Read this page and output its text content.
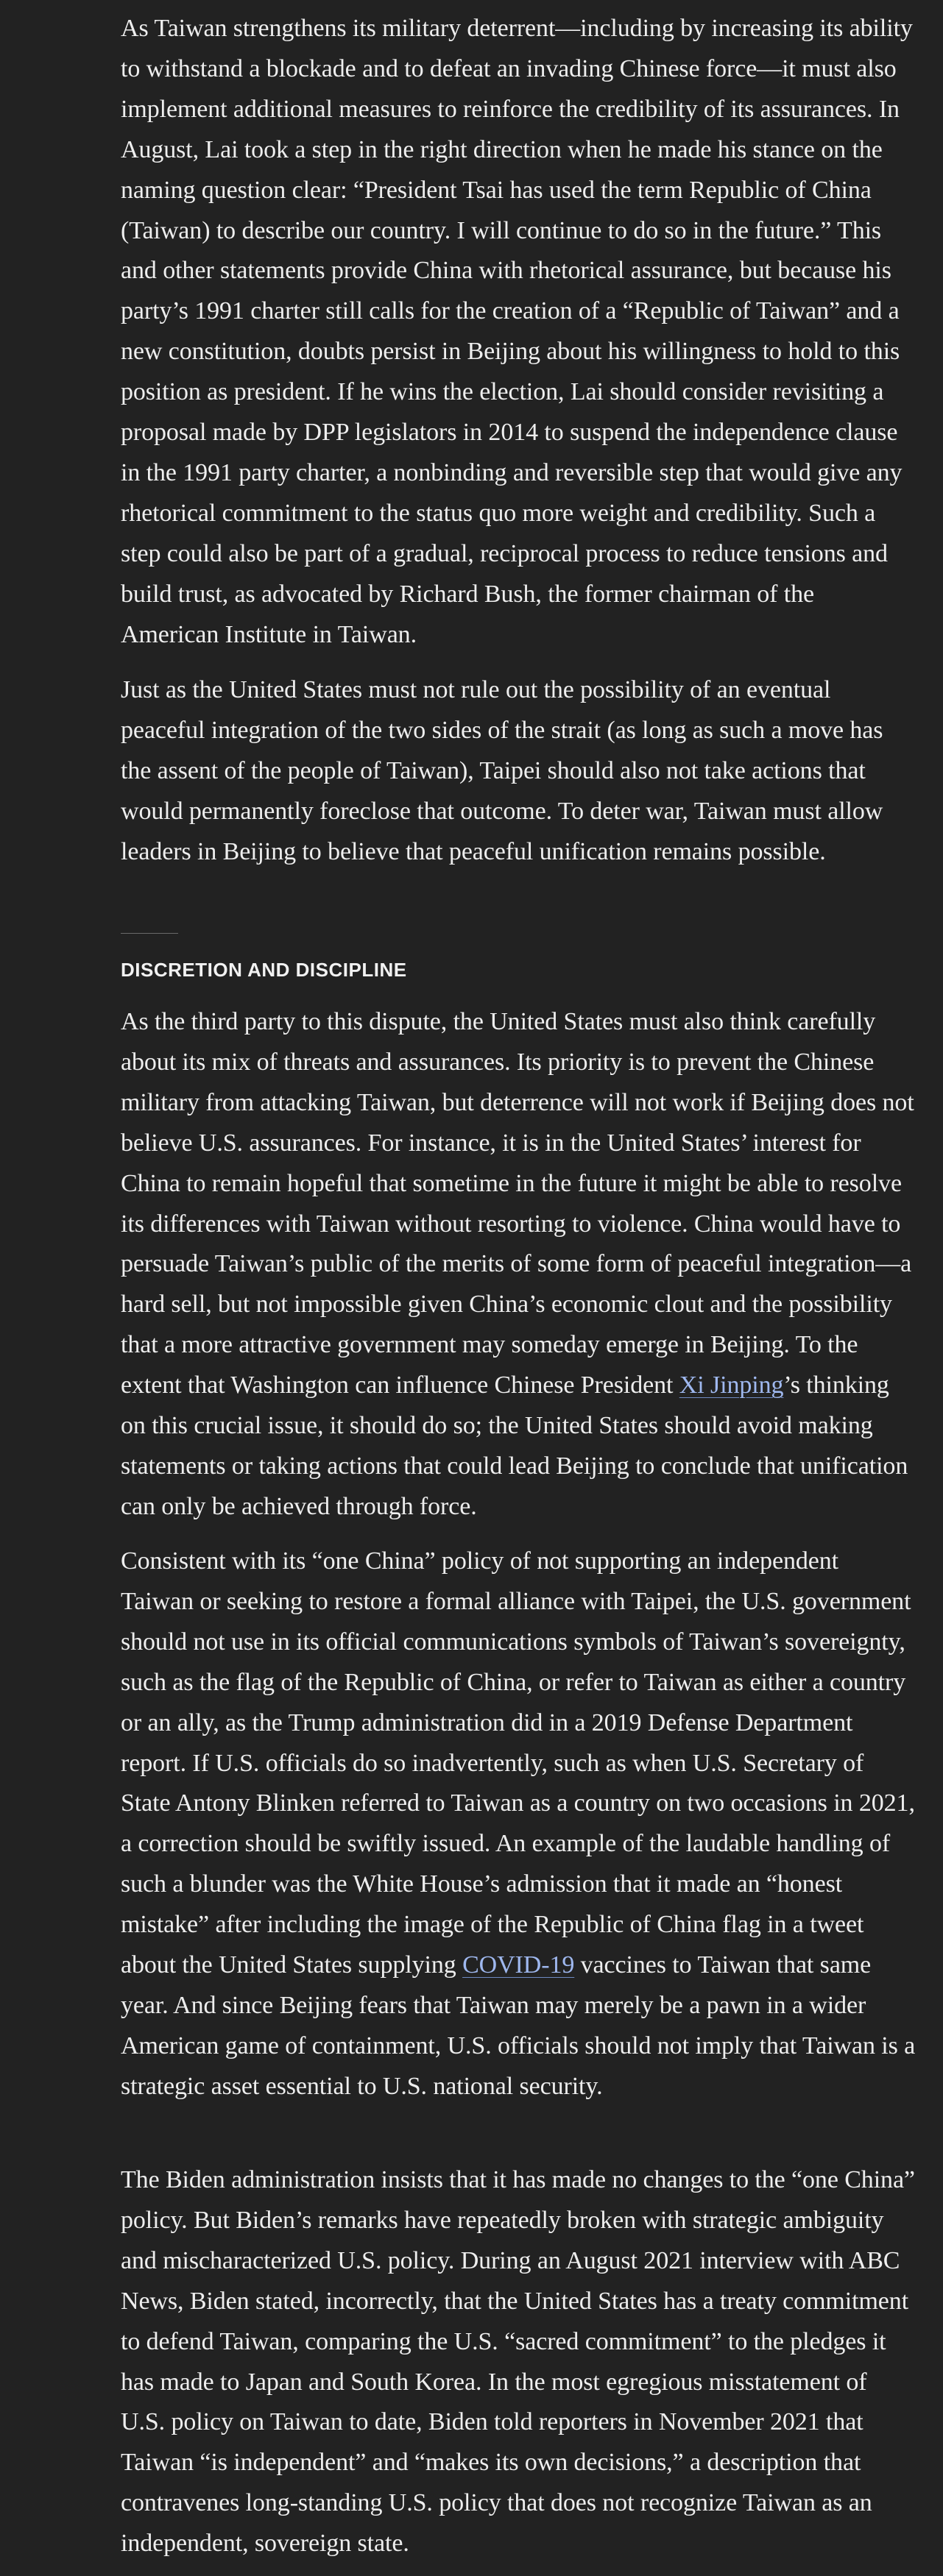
As Taiwan strengthens its military deterrent—including by increasing its ability to withstand a blockade and to defeat an invading Chinese force—it must also implement additional measures to reinforce the credibility of its assurances. In August, Lai took a step in the right direction when he made his stance on the naming question clear: “President Tsai has used the term Republic of China (Taiwan) to describe our country. I will continue to do so in the future.” This and other statements provide China with rhetorical assurance, but because his party’s 1991 charter still calls for the creation of a “Republic of Taiwan” and a new constitution, doubts persist in Beijing about his willingness to hold to this position as president. If he wins the election, Lai should consider revisiting a proposal made by DPP legislators in 2014 to suspend the independence clause in the 1991 party charter, a nonbinding and reversible step that would give any rhetorical commitment to the status quo more weight and credibility. Such a step could also be part of a gradual, reciprocal process to reduce tensions and build trust, as advocated by Richard Bush, the former chairman of the American Institute in Taiwan.

Just as the United States must not rule out the possibility of an eventual peaceful integration of the two sides of the strait (as long as such a move has the assent of the people of Taiwan), Taipei should also not take actions that would permanently foreclose that outcome. To deter war, Taiwan must allow leaders in Beijing to believe that peaceful unification remains possible.

DISCRETION AND DISCIPLINE

As the third party to this dispute, the United States must also think carefully about its mix of threats and assurances. Its priority is to prevent the Chinese military from attacking Taiwan, but deterrence will not work if Beijing does not believe U.S. assurances. For instance, it is in the United States’ interest for China to remain hopeful that sometime in the future it might be able to resolve its differences with Taiwan without resorting to violence. China would have to persuade Taiwan’s public of the merits of some form of peaceful integration—a hard sell, but not impossible given China’s economic clout and the possibility that a more attractive government may someday emerge in Beijing. To the extent that Washington can influence Chinese President Xi Jinping’s thinking on this crucial issue, it should do so; the United States should avoid making statements or taking actions that could lead Beijing to conclude that unification can only be achieved through force.

Consistent with its “one China” policy of not supporting an independent Taiwan or seeking to restore a formal alliance with Taipei, the U.S. government should not use in its official communications symbols of Taiwan’s sovereignty, such as the flag of the Republic of China, or refer to Taiwan as either a country or an ally, as the Trump administration did in a 2019 Defense Department report. If U.S. officials do so inadvertently, such as when U.S. Secretary of State Antony Blinken referred to Taiwan as a country on two occasions in 2021, a correction should be swiftly issued. An example of the laudable handling of such a blunder was the White House’s admission that it made an “honest mistake” after including the image of the Republic of China flag in a tweet about the United States supplying COVID-19 vaccines to Taiwan that same year. And since Beijing fears that Taiwan may merely be a pawn in a wider American game of containment, U.S. officials should not imply that Taiwan is a strategic asset essential to U.S. national security.

The Biden administration insists that it has made no changes to the “one China” policy. But Biden’s remarks have repeatedly broken with strategic ambiguity and mischaracterized U.S. policy. During an August 2021 interview with ABC News, Biden stated, incorrectly, that the United States has a treaty commitment to defend Taiwan, comparing the U.S. “sacred commitment” to the pledges it has made to Japan and South Korea. In the most egregious misstatement of U.S. policy on Taiwan to date, Biden told reporters in November 2021 that Taiwan “is independent” and “makes its own decisions,” a description that contravenes long-standing U.S. policy that does not recognize Taiwan as an independent, sovereign state.
